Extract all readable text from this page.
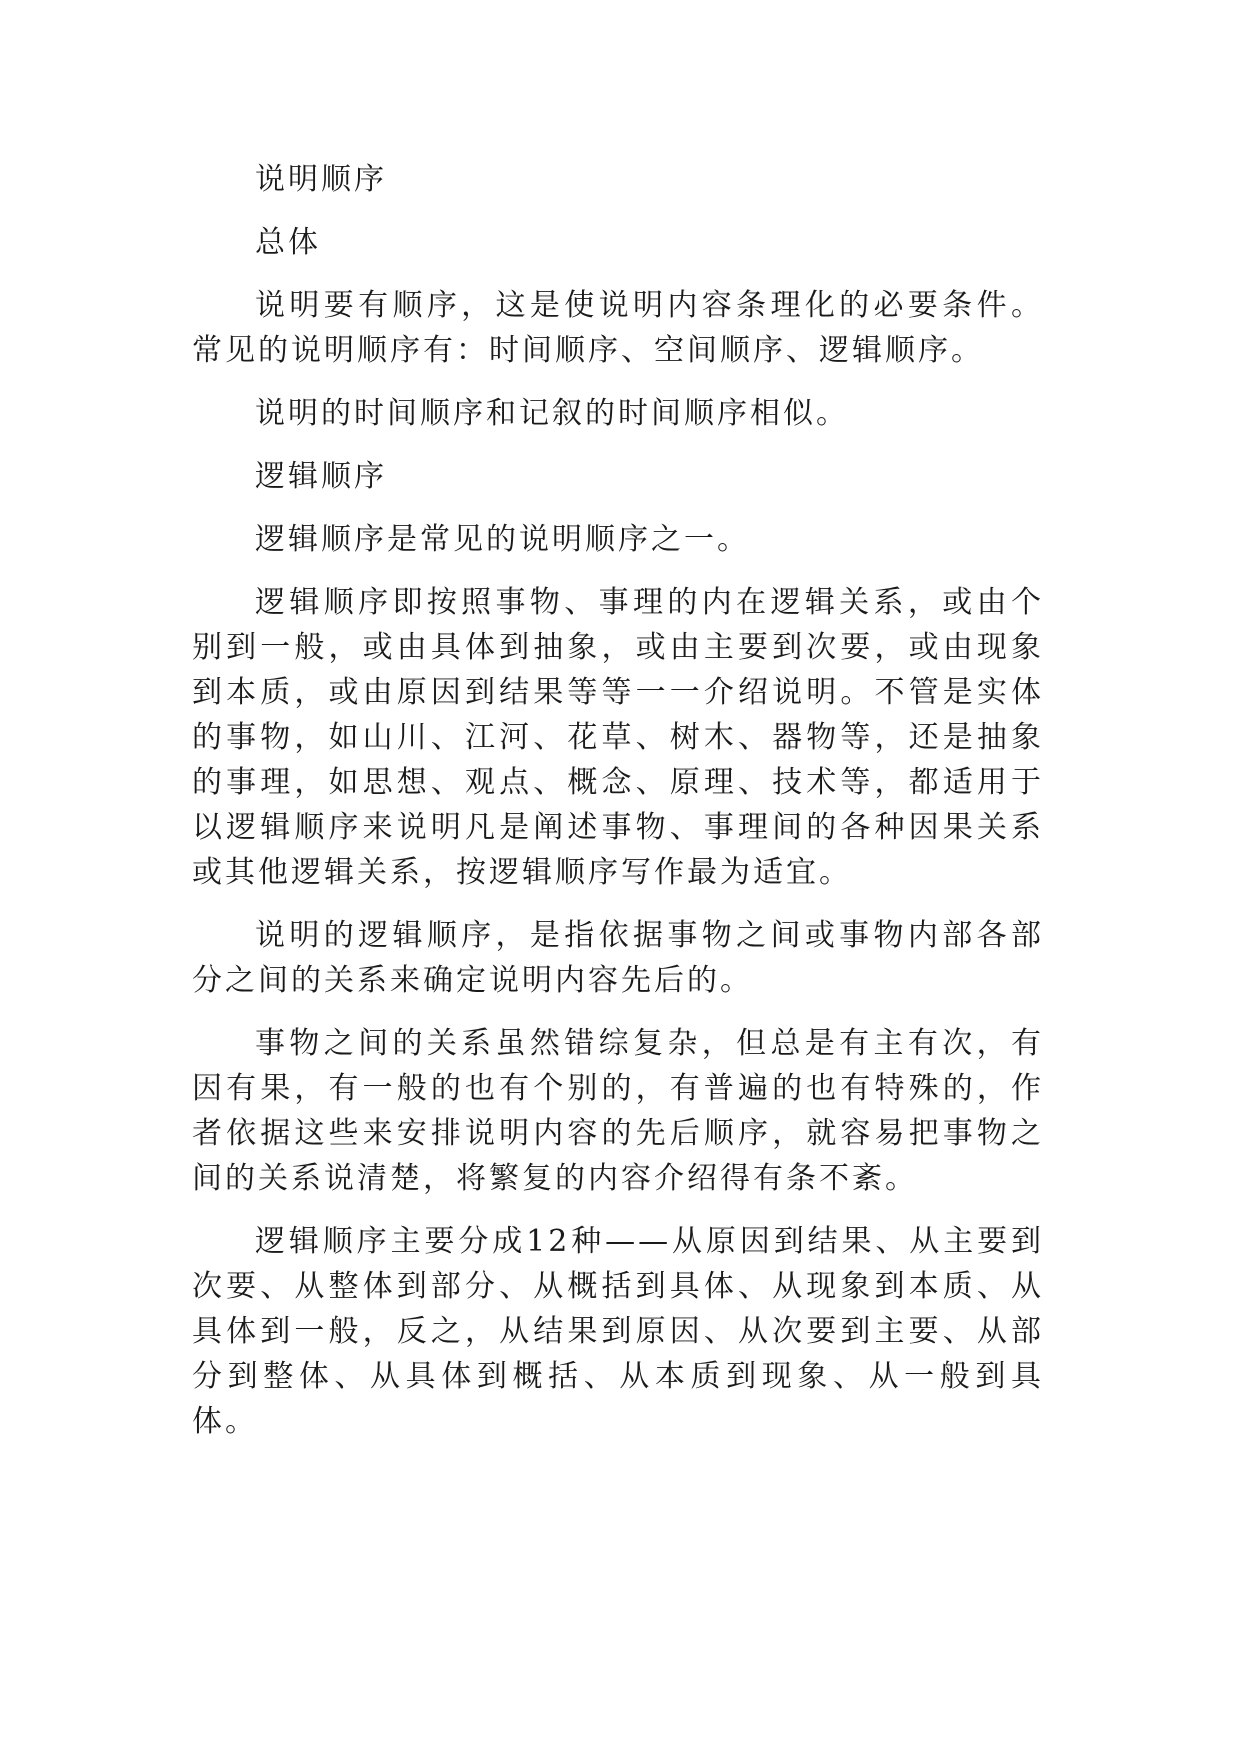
说明顺序

总体

说明要有顺序，这是使说明内容条理化的必要条件。常见的说明顺序有：时间顺序、空间顺序、逻辑顺序。

说明的时间顺序和记叙的时间顺序相似。

逻辑顺序

逻辑顺序是常见的说明顺序之一。

逻辑顺序即按照事物、事理的内在逻辑关系，或由个别到一般，或由具体到抽象，或由主要到次要，或由现象到本质，或由原因到结果等等一一介绍说明。不管是实体的事物，如山川、江河、花草、树木、器物等，还是抽象的事理，如思想、观点、概念、原理、技术等，都适用于以逻辑顺序来说明凡是阐述事物、事理间的各种因果关系或其他逻辑关系，按逻辑顺序写作最为适宜。

说明的逻辑顺序，是指依据事物之间或事物内部各部分之间的关系来确定说明内容先后的。

事物之间的关系虽然错综复杂，但总是有主有次，有因有果，有一般的也有个别的，有普遍的也有特殊的，作者依据这些来安排说明内容的先后顺序，就容易把事物之间的关系说清楚，将繁复的内容介绍得有条不紊。

逻辑顺序主要分成12种——从原因到结果、从主要到次要、从整体到部分、从概括到具体、从现象到本质、从具体到一般，反之，从结果到原因、从次要到主要、从部分到整体、从具体到概括、从本质到现象、从一般到具体。
